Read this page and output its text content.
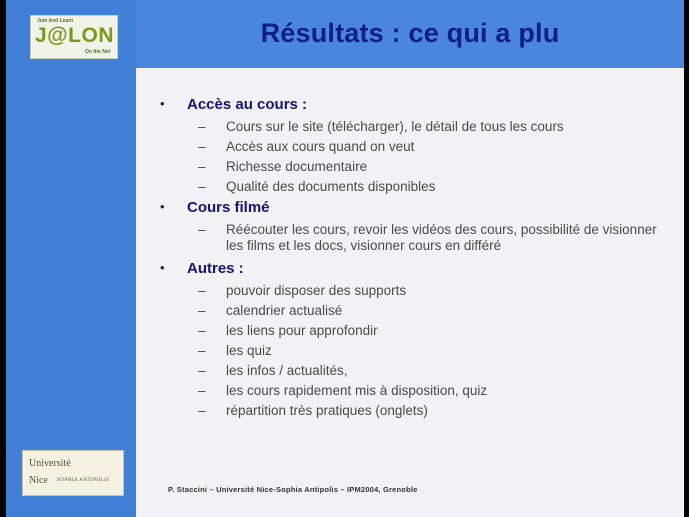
Résultats : ce qui a plu
Join And Learn
J@LON
On the Net
• Accès au cours :
– Cours sur le site (télécharger), le détail de tous les cours
– Accès aux cours quand on veut
– Richesse documentaire
– Qualité des documents disponibles
• Cours filmé
– Réécouter les cours, revoir les vidéos des cours, possibilité de visionner les films et les docs, visionner cours en différé
• Autres :
– pouvoir disposer des supports
– calendrier actualisé
– les liens pour approfondir
– les quiz
– les infos / actualités,
– les cours rapidement mis à disposition, quiz
– répartition très pratiques (onglets)
Université
Nice SOPHIA ANTIPOLIS
P. Staccini – Université Nice-Sophia Antipolis – IPM2004, Grenoble
